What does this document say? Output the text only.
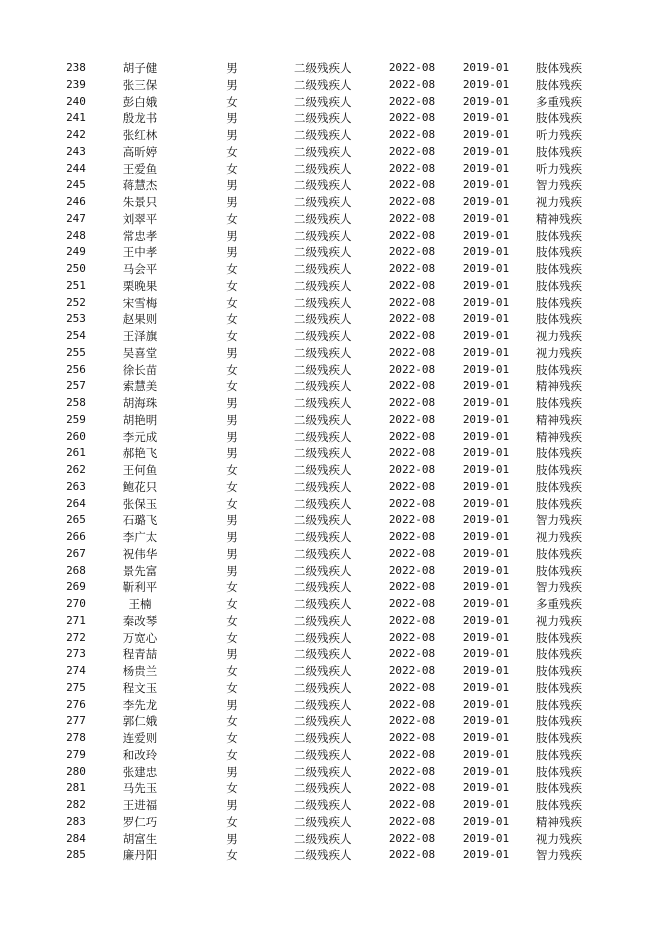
238	胡子健	男	二级残疾人	2022-08	2019-01	肢体残疾
239	张三保	男	二级残疾人	2022-08	2019-01	肢体残疾
240	彭白娥	女	二级残疾人	2022-08	2019-01	多重残疾
241	殷龙书	男	二级残疾人	2022-08	2019-01	肢体残疾
242	张红林	男	二级残疾人	2022-08	2019-01	听力残疾
243	高昕婷	女	二级残疾人	2022-08	2019-01	肢体残疾
244	王爱鱼	女	二级残疾人	2022-08	2019-01	听力残疾
245	蒋慧杰	男	二级残疾人	2022-08	2019-01	智力残疾
246	朱景只	男	二级残疾人	2022-08	2019-01	视力残疾
247	刘翠平	女	二级残疾人	2022-08	2019-01	精神残疾
248	常忠孝	男	二级残疾人	2022-08	2019-01	肢体残疾
249	王中孝	男	二级残疾人	2022-08	2019-01	肢体残疾
250	马会平	女	二级残疾人	2022-08	2019-01	肢体残疾
251	栗晚果	女	二级残疾人	2022-08	2019-01	肢体残疾
252	宋雪梅	女	二级残疾人	2022-08	2019-01	肢体残疾
253	赵果则	女	二级残疾人	2022-08	2019-01	肢体残疾
254	王泽旗	女	二级残疾人	2022-08	2019-01	视力残疾
255	吴喜堂	男	二级残疾人	2022-08	2019-01	视力残疾
256	徐长苗	女	二级残疾人	2022-08	2019-01	肢体残疾
257	索慧美	女	二级残疾人	2022-08	2019-01	精神残疾
258	胡海珠	男	二级残疾人	2022-08	2019-01	肢体残疾
259	胡艳明	男	二级残疾人	2022-08	2019-01	精神残疾
260	李元成	男	二级残疾人	2022-08	2019-01	精神残疾
261	郝艳飞	男	二级残疾人	2022-08	2019-01	肢体残疾
262	王何鱼	女	二级残疾人	2022-08	2019-01	肢体残疾
263	鲍花只	女	二级残疾人	2022-08	2019-01	肢体残疾
264	张保玉	女	二级残疾人	2022-08	2019-01	肢体残疾
265	石璐飞	男	二级残疾人	2022-08	2019-01	智力残疾
266	李广太	男	二级残疾人	2022-08	2019-01	视力残疾
267	祝伟华	男	二级残疾人	2022-08	2019-01	肢体残疾
268	景先富	男	二级残疾人	2022-08	2019-01	肢体残疾
269	靳利平	女	二级残疾人	2022-08	2019-01	智力残疾
270	王楠	女	二级残疾人	2022-08	2019-01	多重残疾
271	秦改琴	女	二级残疾人	2022-08	2019-01	视力残疾
272	万宽心	女	二级残疾人	2022-08	2019-01	肢体残疾
273	程青喆	男	二级残疾人	2022-08	2019-01	肢体残疾
274	杨贵兰	女	二级残疾人	2022-08	2019-01	肢体残疾
275	程文玉	女	二级残疾人	2022-08	2019-01	肢体残疾
276	李先龙	男	二级残疾人	2022-08	2019-01	肢体残疾
277	郭仁娥	女	二级残疾人	2022-08	2019-01	肢体残疾
278	连爱则	女	二级残疾人	2022-08	2019-01	肢体残疾
279	和改玲	女	二级残疾人	2022-08	2019-01	肢体残疾
280	张建忠	男	二级残疾人	2022-08	2019-01	肢体残疾
281	马先玉	女	二级残疾人	2022-08	2019-01	肢体残疾
282	王进福	男	二级残疾人	2022-08	2019-01	肢体残疾
283	罗仁巧	女	二级残疾人	2022-08	2019-01	精神残疾
284	胡富生	男	二级残疾人	2022-08	2019-01	视力残疾
285	廉丹阳	女	二级残疾人	2022-08	2019-01	智力残疾
